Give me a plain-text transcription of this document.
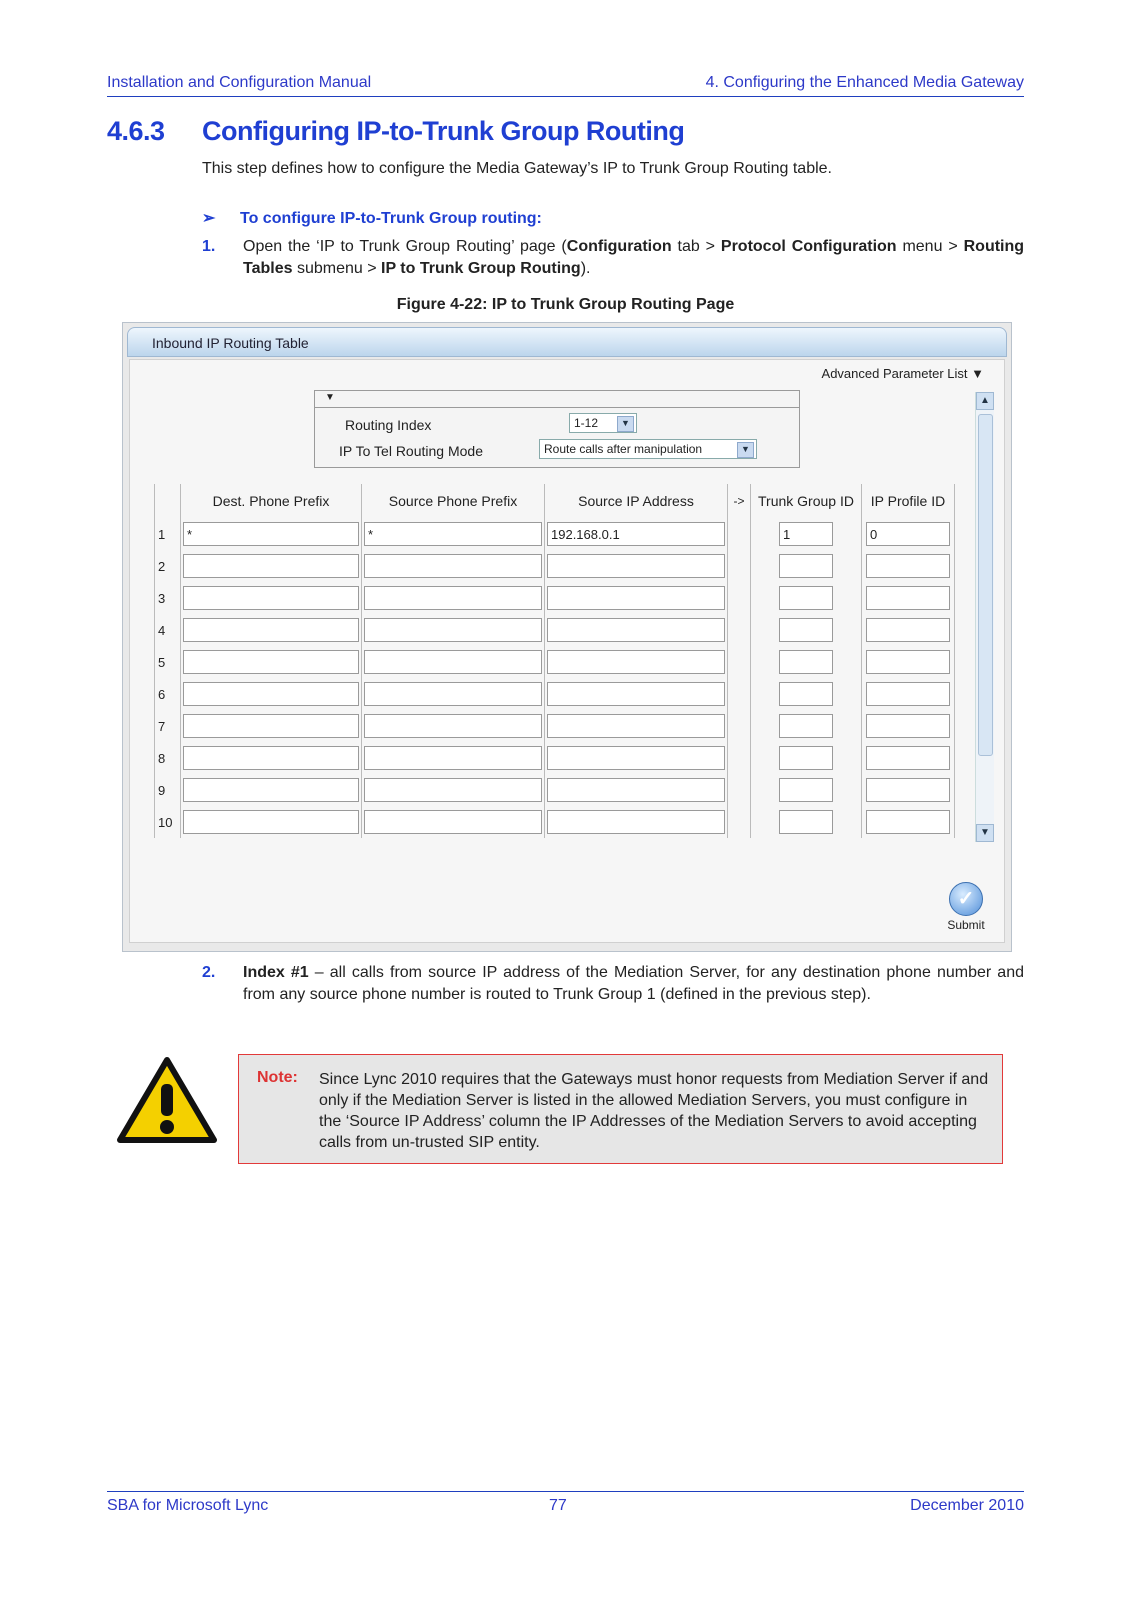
Installation and Configuration Manual	4. Configuring the Enhanced Media Gateway
4.6.3 Configuring IP-to-Trunk Group Routing
This step defines how to configure the Media Gateway’s IP to Trunk Group Routing table.
➢ To configure IP-to-Trunk Group routing:
1. Open the ‘IP to Trunk Group Routing’ page (Configuration tab > Protocol Configuration menu > Routing Tables submenu > IP to Trunk Group Routing).
Figure 4-22: IP to Trunk Group Routing Page
Inbound IP Routing Table
Advanced Parameter List ▼
▼
Routing Index	1-12	▼
IP To Tel Routing Mode	Route calls after manipulation	▼
	Dest. Phone Prefix	Source Phone Prefix	Source IP Address	->	Trunk Group ID	IP Profile ID
1	*	*	192.168.0.1		1	0

2	

3	

4	

5	

6	

7	

8	

9	

10	

▲
▼
✓
Submit
2. Index #1 – all calls from source IP address of the Mediation Server, for any destination phone number and from any source phone number is routed to Trunk Group 1 (defined in the previous step).
Note: Since Lync 2010 requires that the Gateways must honor requests from Mediation Server if and only if the Mediation Server is listed in the allowed Mediation Servers, you must configure in the ‘Source IP Address’ column the IP Addresses of the Mediation Servers to avoid accepting calls from un-trusted SIP entity.
SBA for Microsoft Lync	77	December 2010
